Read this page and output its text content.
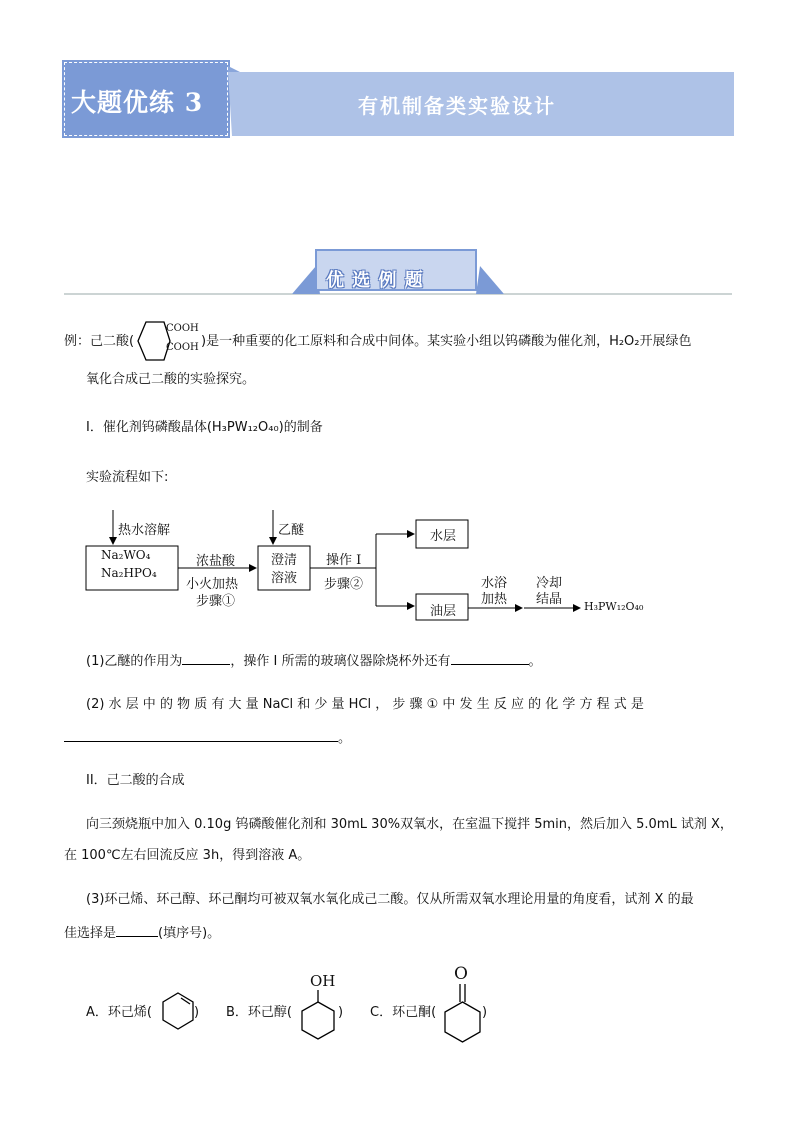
大题优练 3	有机制备类实验设计
优 选 例 题
例：己二酸(
COOH
COOH )是一种重要的化工原料和合成中间体。某实验小组以钨磷酸为催化剂，H₂O₂开展绿色
氧化合成己二酸的实验探究。
I．催化剂钨磷酸晶体(H₃PW₁₂O₄₀)的制备
实验流程如下:
热水溶解	乙醚
Na₂WO₄
Na₂HPO₄
浓盐酸
小火加热
步骤①
澄清
溶液
操作 I
步骤②
水层
油层
水浴
加热
冷却
结晶 H₃PW₁₂O₄₀
(1)乙醚的作用为	，操作 I 所需的玻璃仪器除烧杯外还有	。
(2) 水 层 中 的 物 质 有 大 量 NaCl 和 少 量 HCl ， 步 骤 ① 中 发 生 反 应 的 化 学 方 程 式 是
。
II．己二酸的合成
向三颈烧瓶中加入 0.10g 钨磷酸催化剂和 30mL 30%双氧水，在室温下搅拌 5min，然后加入 5.0mL 试剂 X，
在 100℃左右回流反应 3h，得到溶液 A。
(3)环己烯、环己醇、环己酮均可被双氧水氧化成己二酸。仅从所需双氧水理论用量的角度看，试剂 X 的最
佳选择是	(填序号)。
A．环己烯(	) B．环己醇(
OH
) C．环己酮(
O
)
